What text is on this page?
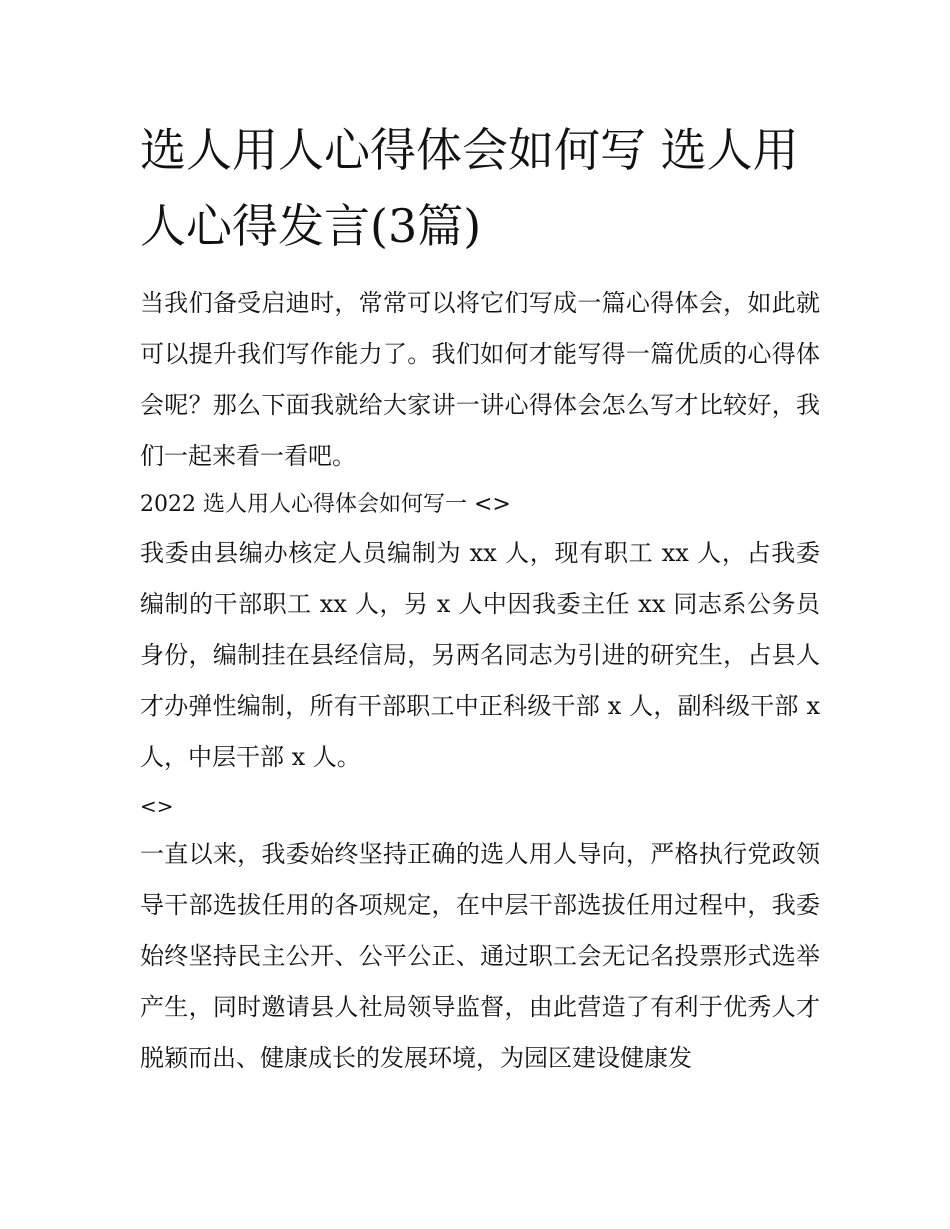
选人用人心得体会如何写 选人用人心得发言(3篇)

当我们备受启迪时，常常可以将它们写成一篇心得体会，如此就可以提升我们写作能力了。我们如何才能写得一篇优质的心得体会呢？那么下面我就给大家讲一讲心得体会怎么写才比较好，我们一起来看一看吧。

2022 选人用人心得体会如何写一 <>

我委由县编办核定人员编制为 xx 人，现有职工 xx 人，占我委编制的干部职工 xx 人，另 x 人中因我委主任 xx 同志系公务员身份，编制挂在县经信局，另两名同志为引进的研究生，占县人才办弹性编制，所有干部职工中正科级干部 x 人，副科级干部 x 人，中层干部 x 人。

<>

一直以来，我委始终坚持正确的选人用人导向，严格执行党政领导干部选拔任用的各项规定，在中层干部选拔任用过程中，我委始终坚持民主公开、公平公正、通过职工会无记名投票形式选举产生，同时邀请县人社局领导监督，由此营造了有利于优秀人才脱颖而出、健康成长的发展环境，为园区建设健康发
